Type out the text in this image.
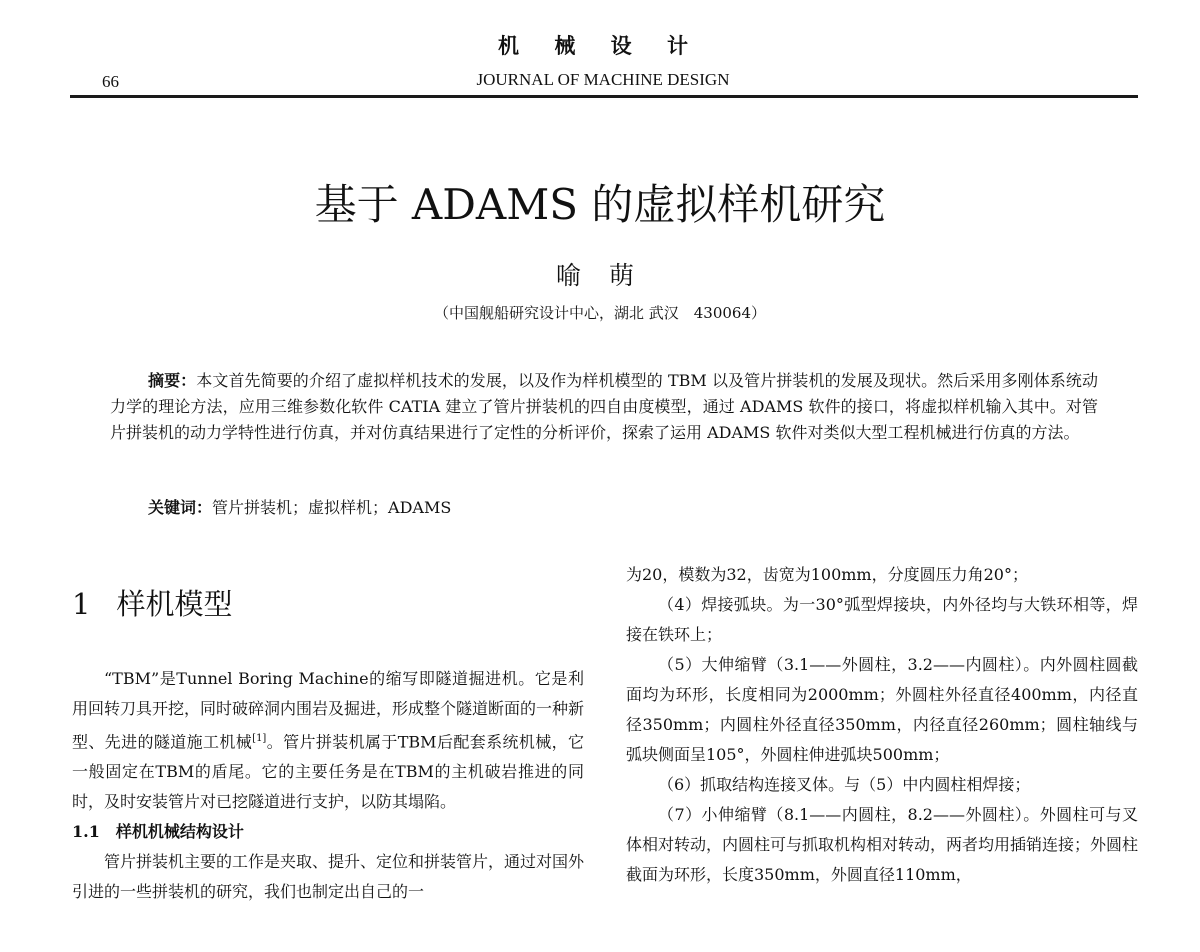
机 械 设 计
66	JOURNAL OF MACHINE DESIGN
基于 ADAMS 的虚拟样机研究
喻 萌
（中国舰船研究设计中心，湖北 武汉　430064）

摘要：本文首先简要的介绍了虚拟样机技术的发展，以及作为样机模型的 TBM 以及管片拼装机的发展及现状。然后采用多刚体系统动力学的理论方法，应用三维参数化软件 CATIA 建立了管片拼装机的四自由度模型，通过 ADAMS 软件的接口，将虚拟样机输入其中。对管片拼装机的动力学特性进行仿真，并对仿真结果进行了定性的分析评价，探索了运用 ADAMS 软件对类似大型工程机械进行仿真的方法。

关键词：管片拼装机；虚拟样机；ADAMS
1 样机模型

“TBM”是Tunnel Boring Machine的缩写即隧道掘进机。它是利用回转刀具开挖，同时破碎洞内围岩及掘进，形成整个隧道断面的一种新型、先进的隧道施工机械[1]。管片拼装机属于TBM后配套系统机械，它一般固定在TBM的盾尾。它的主要任务是在TBM的主机破岩推进的同时，及时安装管片对已挖隧道进行支护，以防其塌陷。

1.1　样机机械结构设计

管片拼装机主要的工作是夹取、提升、定位和拼装管片，通过对国外引进的一些拼装机的研究，我们也制定出自己的一

为20，模数为32，齿宽为100mm，分度圆压力角20°；

（4）焊接弧块。为一30°弧型焊接块，内外径均与大铁环相等，焊接在铁环上；

（5）大伸缩臂（3.1——外圆柱，3.2——内圆柱）。内外圆柱圆截面均为环形，长度相同为2000mm；外圆柱外径直径400mm，内径直径350mm；内圆柱外径直径350mm，内径直径260mm；圆柱轴线与弧块侧面呈105°，外圆柱伸进弧块500mm；

（6）抓取结构连接叉体。与（5）中内圆柱相焊接；

（7）小伸缩臂（8.1——内圆柱，8.2——外圆柱）。外圆柱可与叉体相对转动，内圆柱可与抓取机构相对转动，两者均用插销连接；外圆柱截面为环形，长度350mm，外圆直径110mm，
